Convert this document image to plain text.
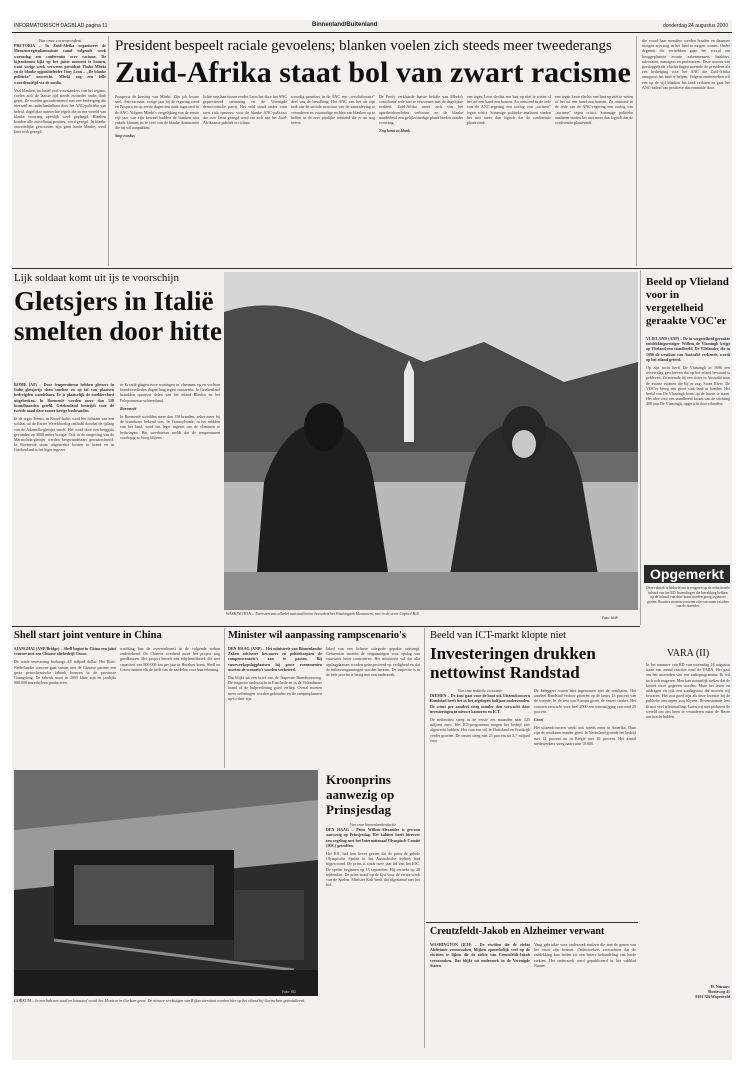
INFORMATORISCH DAGBLAD pagina 11	Binnenland/Buitenland	donderdag 24 augustus 2000
Van onze correspondent
PRETORIA – In Zuid-Afrika organiseert de Menseneregtenkommissie vanaf volgende week woensdag een conferentie over racisme. De bijeenkomst lijkt op het juiste moment te komen, want vorige week verweten president Thabo Mbeki en de blanke oppositieleider Tony Leon – „De blanke politieke” onwrecht. Mbeki zag een felle woordenstrijd via de media.
Veel blanken, inclusief veel voorstanders van het regime, voelen zich de laatste tijd steeds zwaarder onder druk gezet. Ze worden geconfronteerd met een bedreiging die niet snel en onderhandelbaar door het ANC-politieke van beleid, dagelijkse onterechte regels die in een wereld van blanke voorrang openlijk werd geplaagd. Blanken konden alle zuivelbaan posities, werd gezegd. In blanke onwettelijke gewoonten zijn geen harde blanke, werd later toch gezegd.
President bespeelt raciale gevoelens; blanken voelen zich steeds meer tweederangs
Zuid-Afrika staat bol van zwart racisme
Prospects de kerving van Mbeki. Zijn job kwam snel. Anti-racisme, vorige jaar bij de regering werd en Pospero en op eerste dagen een zaak ingeroerd in de ANC. Volgens Mbeki's vergelijking van de eerste vijf jaar van zijn bewind hadden de blanken niet enkele klanten en te veel van de blanke dominantie die hij wil aanpakken.
Stop exodus
lichte ontslaan tussen eerder Leon het door het ANC gepreciseerd stemming en de Verenigde democratische partij. Het veld stond onder vuur toen zich opnieuw voor de blanke ANC-politicus die over Leon gezegd werd om zich aan het Zuid-Afrikaanse publiek te richten.
woordig premiers in de ANC een „revolutionaire” deel van de bevolking. Het ANC ziet het als zijn taak om de sociale structuur van de samenleving te veranderen en voormalige rechten van blanken op te heffen in de zeer pijnlijke toestand die er nu nog heerst.
De Pretty verklaarde laatste belofte van Mbeki's conciliante rede niet te verzoenen met de dagelijkse realiteit. Zuid-Afrika moet zich van het apartheidsverleden verlossen en de blanke minderheid een gelijkwaardige plaats bieden zonder voorrang.
Nog komt zo blank
een tegen Leon slechts een hint op niet te weten of het tot een hand zou komen. Zo ontstond in de rede van de ANC-regering een oorlog van „racisme” tegen critici. Sommige politieke analisten vinden het niet meer dan logisch dat de conferentie plaatsvindt.
die voord haar mondere werden bouden en daarmee morgen zijn nog in het land te mogen wonen. Onder degenen die vertrekken gaan het vooral om hooggeplaatste zwarte zakenmensen, bankiers, advocaten, managers en professoren. Deze stroom van goedopgeleide vluchtelingen noemde de president als een bedreiging voor het ANC die Zuid-Afrika aanspoort het land te helpen. Volgens onderzoeken wil een op de vijf blanken het land verlaten en gaat het ANC-beleid van positieve discriminatie door.
een tegen Leon slechts een hint op niet te weten of het tot een hand zou komen. Zo ontstond in de rede van de ANC-regering een oorlog van „racisme” tegen critici. Sommige politieke analisten vinden het niet meer dan logisch dat de conferentie plaatsvindt.
Lijk soldaat komt uit ijs te voorschijn
Gletsjers in Italië smelten door hitte
ROME (AP) – Door temperaturen hebben gletsers in Italië gletsjerijs doen smelten en op tal van plaatsen bedreigden wandelaars. Er is plaatselijk de moddervloed uitgebroken. In Roemenië werden meer dan 150 brandhaarden geteld. Griekenland bestrijdt voor de tweede maal deze zomer hevige bosbranden.
In de regio Trento, in Noord-Italië, werd het lichaam van een soldaat uit de Eerste Wereldoorlog onthuld doordat de ijslaag van de Adamello-gletsjer smolt. Het werd door een berggids gevonden op 3000 meter hoogte. Ook in de omgeving van de Marmolada-gletsjer werden bergwandelaars gewaarschuwd. In Roemenië staan uitgestrekte bossen in brand en in Griekenland is het leger ingezet.
in Kroatië gingen twee woningen in vlammen op en vochten brandweerlieden dagen lang tegen vuurzeeën. In Griekenland brandden opnieuw delen van het eiland Rhodos en het Peloponnesus-schiereiland.
Roemenië
In Roemenië woedden meer dan 150 branden, zeker meer bij de brandweer bekend was. In Transsylvanië, in het midden van het land, werd het leger ingezet om de vlammen te bedwingen. Het weerbureau meldt dat de temperaturen voorlopig zo hoog blijven.
WASHINGTON – Toeristen van allerlei nationaliteiten bezoeken het Washington Monument, met in de verte Capitol Hill.
Foto: ANP
Beeld op Vlieland voor in vergetelheid geraakte VOC'er
VLIELAND (ANP) – De in vergetelheid geraakte ontdekkingsreiziger Willem de Vlamingh krijgt op Vlieland een standbeeld. De Vlielander, die in 1696 de westkust van Australië verkende, wordt op het eiland geëerd.
Op zijn tocht heeft De Vlamingh in 1696 een reisverslag geschreven dat op het eiland bewaard is gebleven. Zo noemde hij een rivier in Australië naar de zwarte zwanen die hij er zag: Swan River. De VOC'er kreeg een groot stuk land in handen. Het beeld van De Vlamingh komt op de haven te staan. Het idee voor een standbeeld kwam van de stichting 400 jaar De Vlamingh, opgericht door eilanders.
Opgemerkt
Deze rubriek is bedoeld om te reageren op de redactionele inhoud van het RD. Inzendingen die betrekking hebben op de inhoud van deze krant worden graag tegemoet gezien. Reacties moeten voorzien zijn van naam en adres van de inzender.
VARA (II)
In het nummer van RD van woensdag 16 augustus staan een aantal reacties rond de VARA. Het gaat om het uitzenden van een radioprogramma. Ik wil toch ook reageren. Men kan natuurlijk stellen dat de kritiek moet gegeven worden. Maar het leven en uitdragen en ook een zondagsrust dat moeten wij bewaren. Het zou goed zijn als deze kwestie bij de publieke omroepen zou blijven. Bovenstaande lees ik met veel teleurstelling. Laten wij niet proberen de wereld om ons heen te veranderen maar de Heere om kracht bidden.
H. Nitrauw
Slooteweg 41
8191 XB Wapenveld
Shell start joint venture in China
SJANGHAI (ANP/Bridge) – Shell begint in China een joint venture met een Chinese oliebedrijf Cnooc.
De totale investering bedraagt 4,5 miljard dollar. Het Brits-Nederlandse concern gaat samen met de Chinese partner een grote petrochemische fabriek bouwen in de provincie Guangdong. De fabriek moet in 2005 klaar zijn en jaarlijks 800.000 ton ethyleen produceren.
wachting ban de overeenkomst in de volgende weken ondertekend. De Chinese overheid moet het project nog goedkeuren. Het project betreft een ethyleenfabriek die met capaciteit van 800.000 ton per jaar in Huizhou komt. Shell en Cnooc nemen elk de helft van de aandelen voor hun rekening.
Minister wil aanpassing rampscenario's
DEN HAAG (ANP) – Het ministerie van Binnenlandse Zaken adviseert bewoners en politiekorpsen de rampenscenario's aan te passen. Bij vuurwerkopslagplaatsen bij grote evenementen moeten de scenario's worden verbeterd.
Dat blijkt uit een brief van de Inspectie Brandweerzorg. De inspectie onderzocht in Enschede en in de Volendamse brand of de hulpverlening goed verliep. Overal moeten meer oefeningen worden gehouden en de rampenplannen up-to-date zijn.
laked van een lichtere categorie gepakte ontvangt. Gemeenten moeten de vergunningen voor opslag van vuurwerk beter controleren. Het ministerie wil dat alle opslagplaatsen worden geïnspecteerd op veiligheid en dat de milieuvergunningen worden herzien. De inspectie is in de hele provincie bezig met een onderzoek.
Beeld van ICT-markt klopte niet
Investeringen drukken nettowinst Randstad
Van onze redactie economie
DIEMEN – De kost gaat voor de baat uit. Uitzendconcern Randstad heeft het in het afgelopen halfjaar ondervonden. De winst per aandeel steeg minder dan verwacht door investeringen in nieuwe kantoren en ICT.
De nettowinst steeg in de eerste zes maanden naar 125 miljoen euro. Het ICT-programma mogen het bedrijf niet afgewerkt hebben. Het concern wil in Duitsland en Frankrijk verder groeien. De omzet steeg met 23 procent tot 2,7 miljard euro.
De beleggers waren niet ingenomen met de resultaten. Het aandeel Randstad verloor gisteren op de beurs 13 procent van de waarde. In de rest van Europa groeit de omzet sterker. Het concern verwacht voor heel 2000 een winststijging van rond 25 procent.
Groei
Het uitzendconcern werkt ook steeds meer in Amerika. Daar zijn de resultaten minder goed. In Nederland groeide het bedrijf met 12 procent en in België met 16 procent. Het aantal medewerkers steeg naar ruim 10.000.
GORKUM – In een bak van staal en kunststof wordt het Monteur in Gorkum gezet. De nieuwe werktuigen van Rijkswaterstaat worden hier op het eiland bij Gorinchem geïnstalleerd.
Foto: RD
Kroonprins aanwezig op Prinsjesdag
Van onze binnenlandredactie
DEN HAAG – Prins Willem-Alexander is gewoon aanwezig op Prinsjesdag. Het kabinet heeft hierover een regeling met het Internationaal Olympisch Comité (IOC) getroffen.
Het IOC had hen liever gezien dat de prins de gehele Olympische Spelen in het Australische Sydney had bijgewoond. De prins is sinds twee jaar lid van het IOC. De spelen beginnen op 15 september. Hij vertrekt op 20 september. De prins stond op de lijst voor de eerste week van de Spelen. Minister Kok heeft dat afgestemd met het hof.
Creutzfeldt-Jakob en Alzheimer verwant
WASHINGTON (ICH) – De eiwitten die de ziekte Alzheimer veroorzaken, blijken opmerkelijk veel op de eiwitten te lijken die de ziekte van Creutzfeldt-Jakob veroorzaken. Dat blijkt uit onderzoek in de Verenigde Staten.
Vang gebruikte voor onderzoek muizen die met de genen van het eiwit zijn besmet. Onderzoekers verwachten dat de ontdekking kan leiden tot een betere behandeling van beide ziekten. Het onderzoek werd gepubliceerd in het vakblad Nature.
